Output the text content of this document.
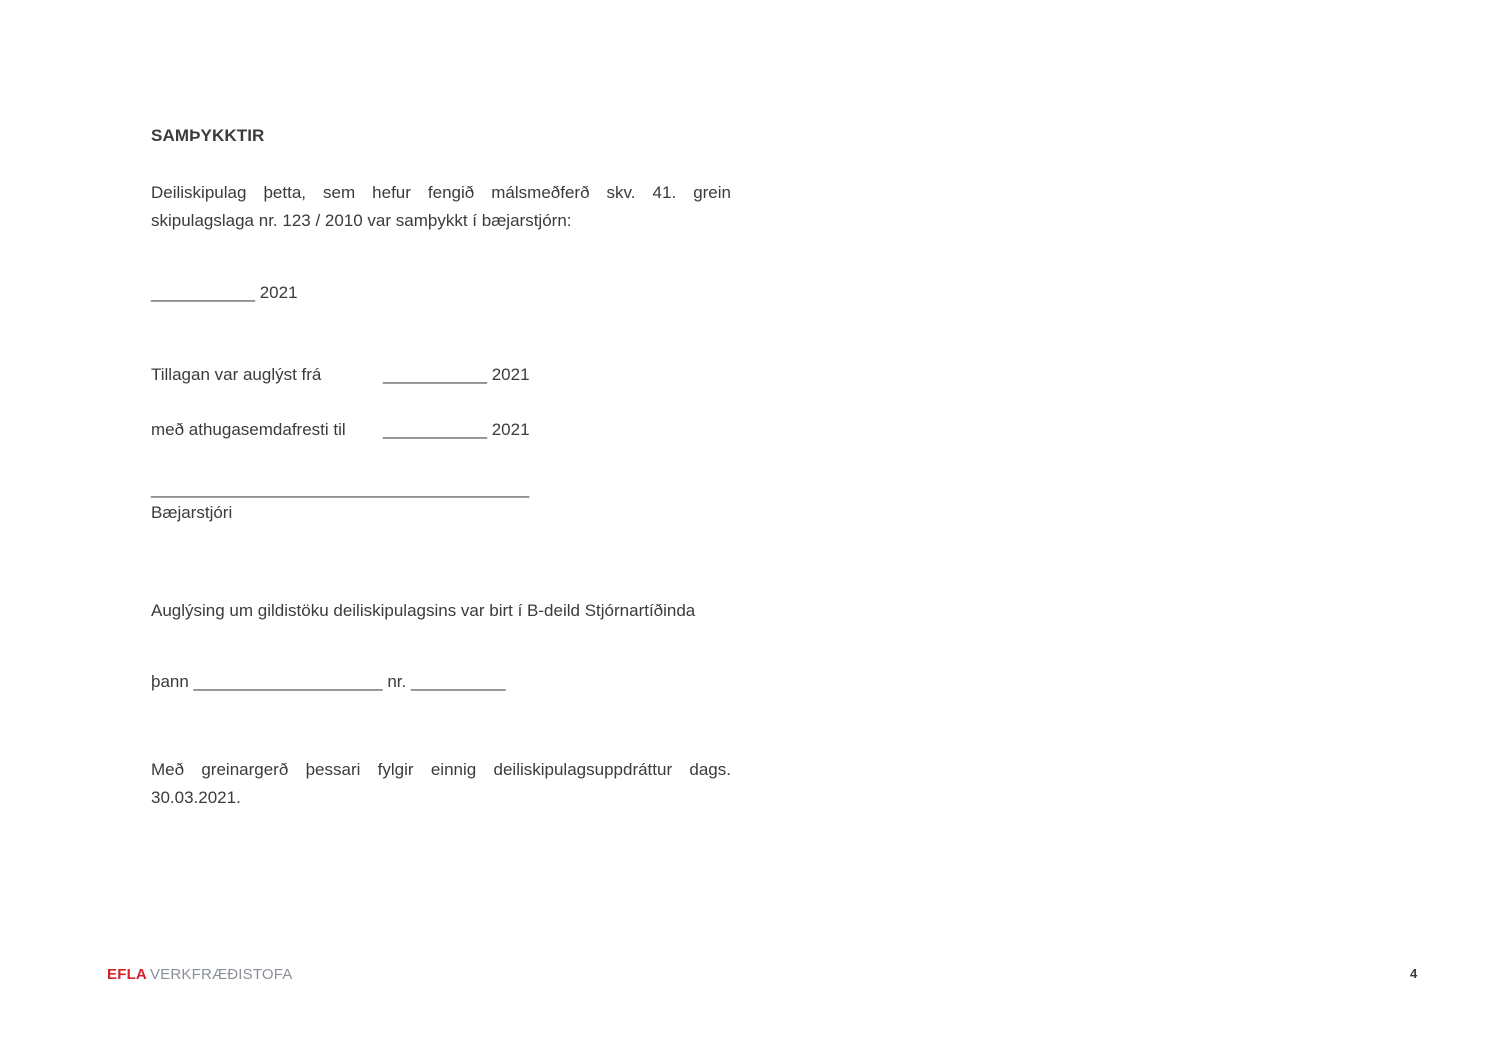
SAMÞYKKTIR
Deiliskipulag þetta, sem hefur fengið málsmeðferð skv. 41. grein
skipulagslaga nr. 123 / 2010 var samþykkt í bæjarstjórn:
___________ 2021
Tillagan var auglýst frá	___________ 2021
með athugasemdafresti til ___________ 2021
________________________________________
Bæjarstjóri
Auglýsing um gildistöku deiliskipulagsins var birt í B-deild Stjórnartíðinda
þann ____________________ nr. __________
Með greinargerð þessari fylgir einnig deiliskipulagsuppdráttur dags.
30.03.2021.
EFLA VERKFRÆÐISTOFA	4
